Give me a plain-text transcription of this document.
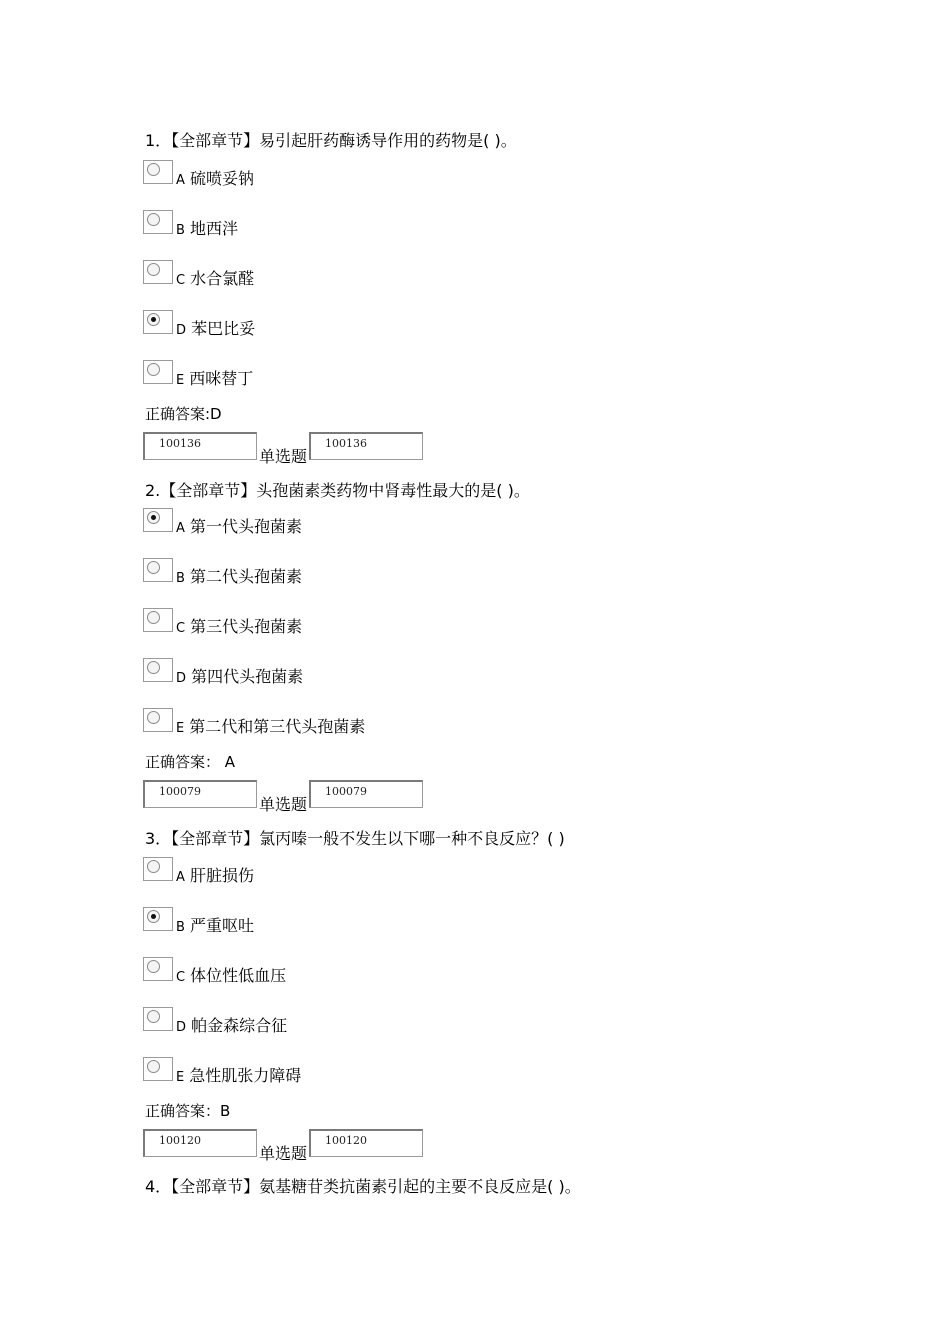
1．【全部章节】易引起肝药酶诱导作用的药物是( )。
A 硫喷妥钠
B 地西泮
C 水合氯醛
D 苯巴比妥
E 西咪替丁
正确答案:D
100136
单选题
100136
2.【全部章节】头孢菌素类药物中肾毒性最大的是( )。
A 第一代头孢菌素
B 第二代头孢菌素
C 第三代头孢菌素
D 第四代头孢菌素
E 第二代和第三代头孢菌素
正确答案： A
100079
单选题
100079
3．【全部章节】氯丙嗪一般不发生以下哪一种不良反应？( )
A 肝脏损伤
B 严重呕吐
C 体位性低血压
D 帕金森综合征
E 急性肌张力障碍
正确答案：B
100120
单选题
100120
4．【全部章节】氨基糖苷类抗菌素引起的主要不良反应是( )。
